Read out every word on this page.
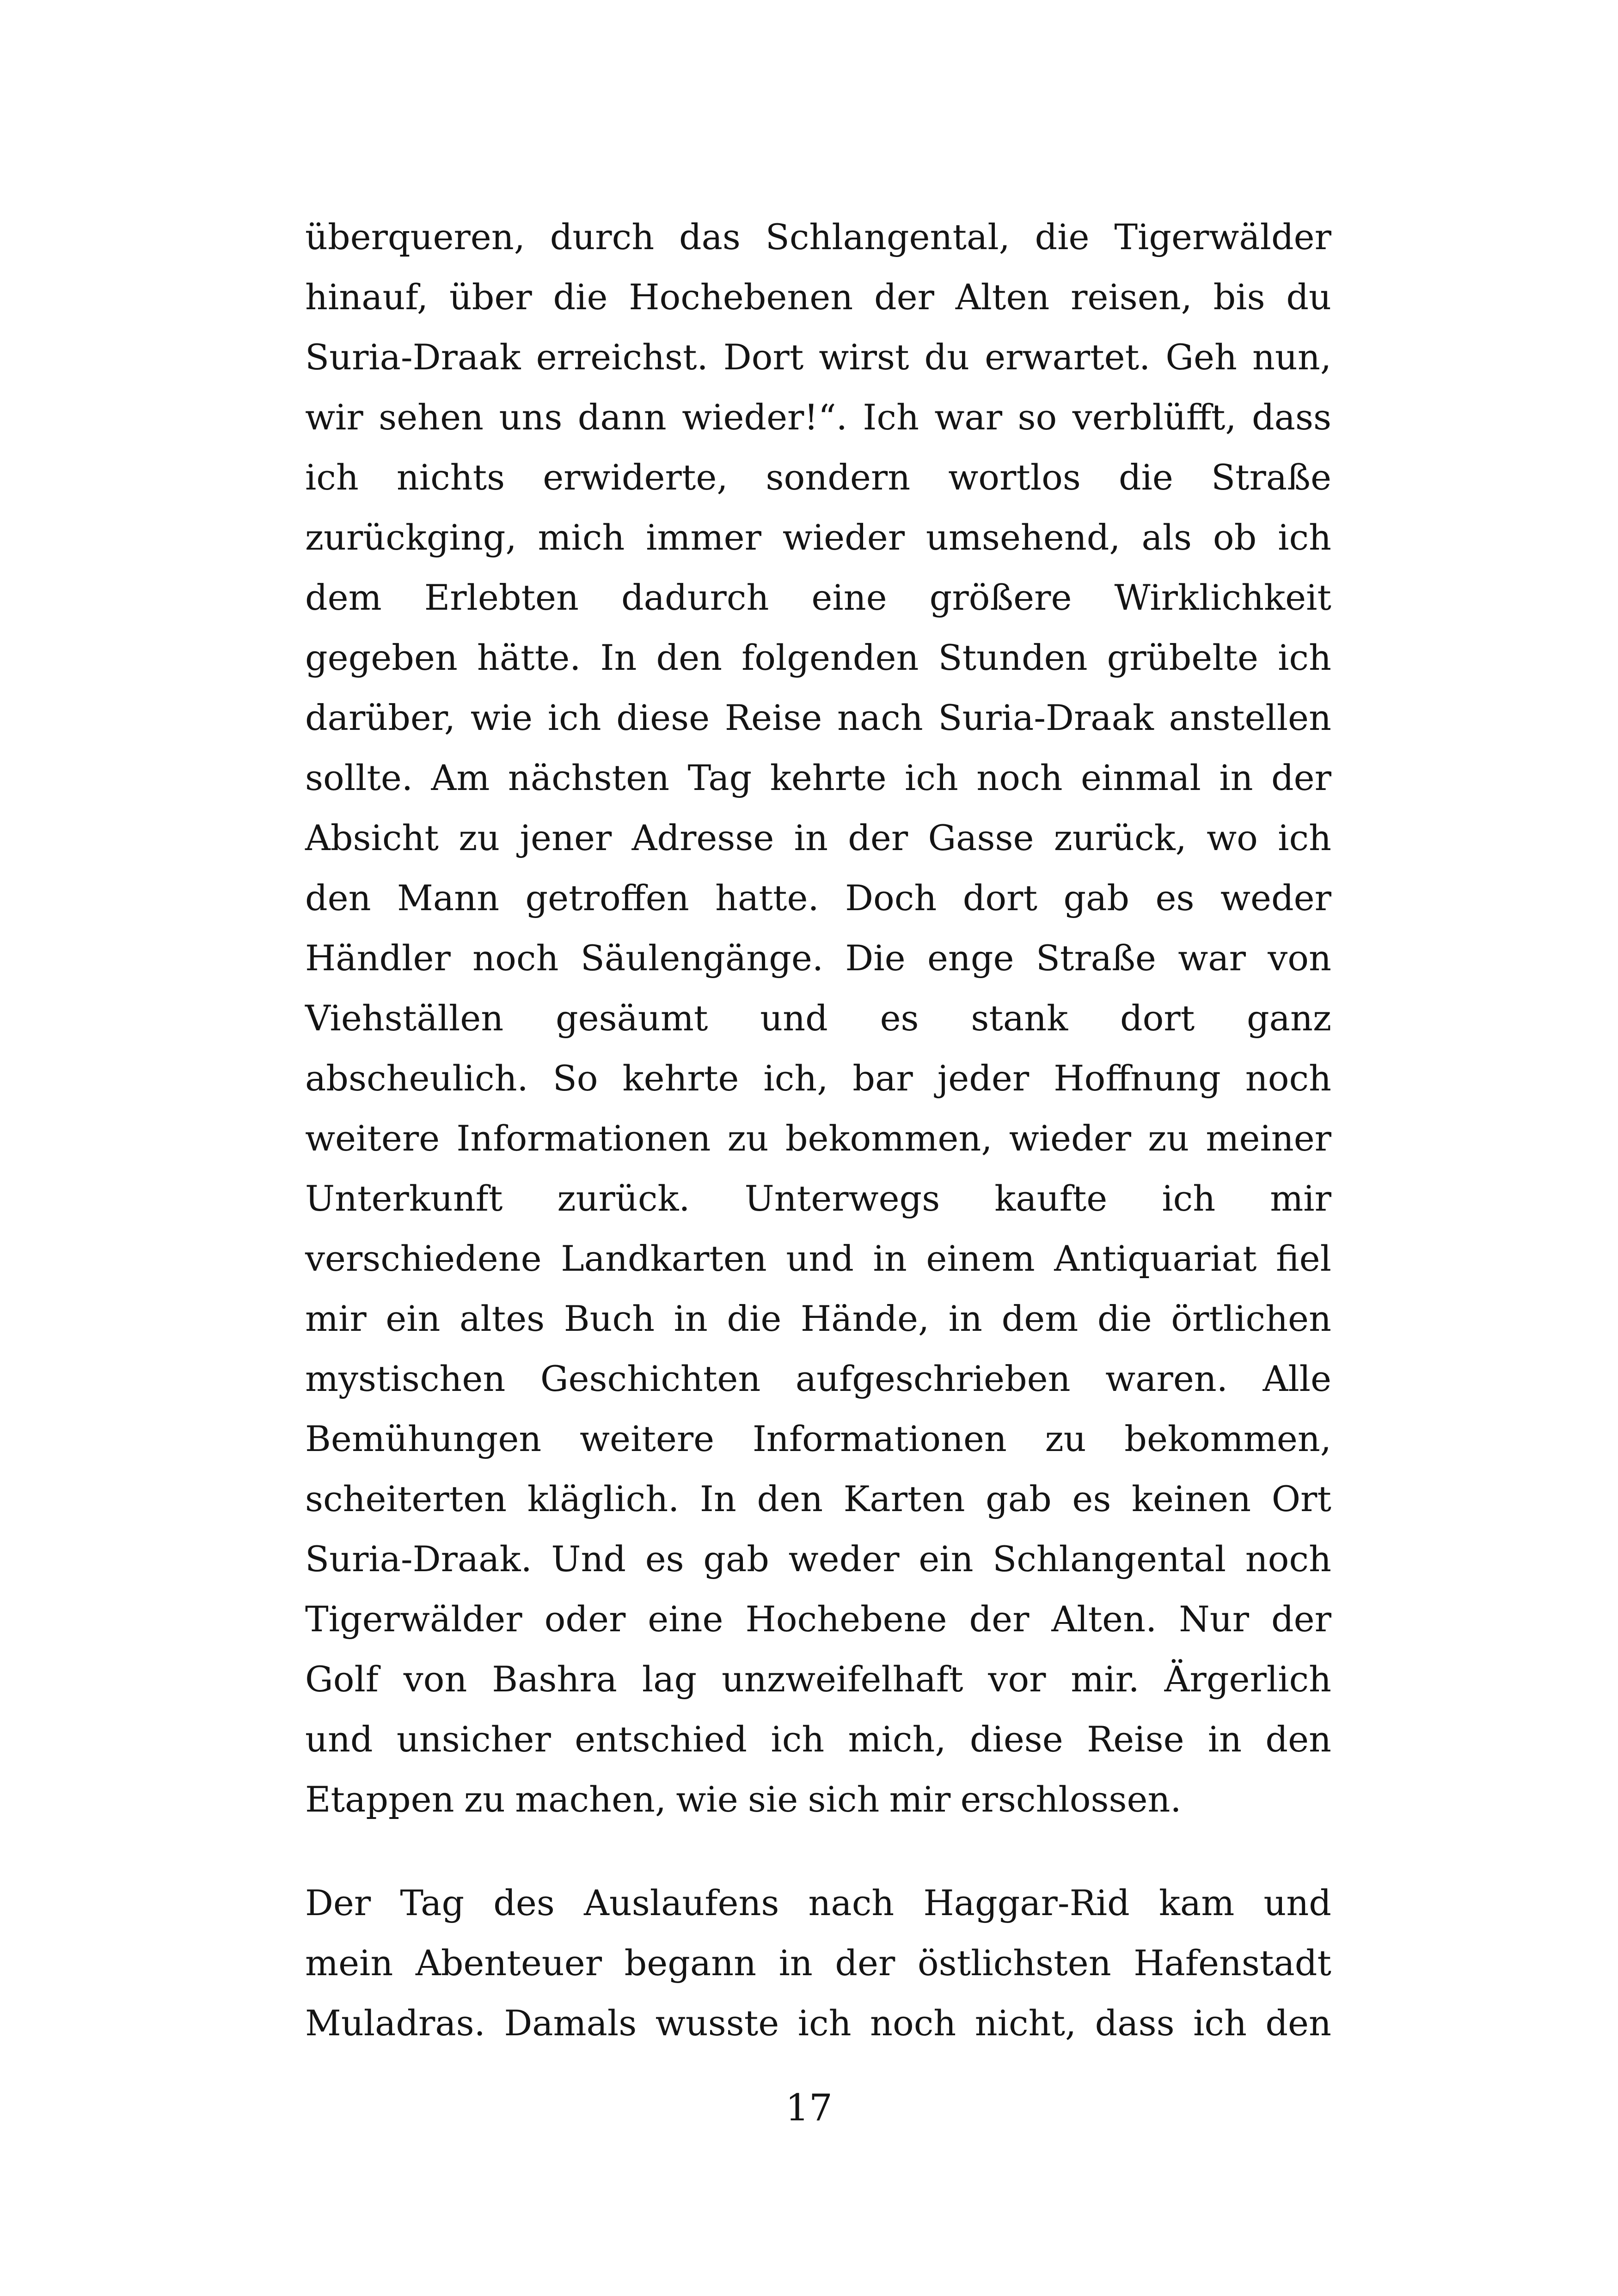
überqueren, durch das Schlangental, die Tigerwälder
hinauf, über die Hochebenen der Alten reisen, bis du
Suria-Draak erreichst. Dort wirst du erwartet. Geh nun,
wir sehen uns dann wieder!“. Ich war so verblüfft, dass
ich nichts erwiderte, sondern wortlos die Straße
zurückging, mich immer wieder umsehend, als ob ich
dem Erlebten dadurch eine größere Wirklichkeit
gegeben hätte. In den folgenden Stunden grübelte ich
darüber, wie ich diese Reise nach Suria-Draak anstellen
sollte. Am nächsten Tag kehrte ich noch einmal in der
Absicht zu jener Adresse in der Gasse zurück, wo ich
den Mann getroffen hatte. Doch dort gab es weder
Händler noch Säulengänge. Die enge Straße war von
Viehställen gesäumt und es stank dort ganz
abscheulich. So kehrte ich, bar jeder Hoffnung noch
weitere Informationen zu bekommen, wieder zu meiner
Unterkunft zurück. Unterwegs kaufte ich mir
verschiedene Landkarten und in einem Antiquariat fiel
mir ein altes Buch in die Hände, in dem die örtlichen
mystischen Geschichten aufgeschrieben waren. Alle
Bemühungen weitere Informationen zu bekommen,
scheiterten kläglich. In den Karten gab es keinen Ort
Suria-Draak. Und es gab weder ein Schlangental noch
Tigerwälder oder eine Hochebene der Alten. Nur der
Golf von Bashra lag unzweifelhaft vor mir. Ärgerlich
und unsicher entschied ich mich, diese Reise in den
Etappen zu machen, wie sie sich mir erschlossen.
Der Tag des Auslaufens nach Haggar-Rid kam und
mein Abenteuer begann in der östlichsten Hafenstadt
Muladras. Damals wusste ich noch nicht, dass ich den
17
